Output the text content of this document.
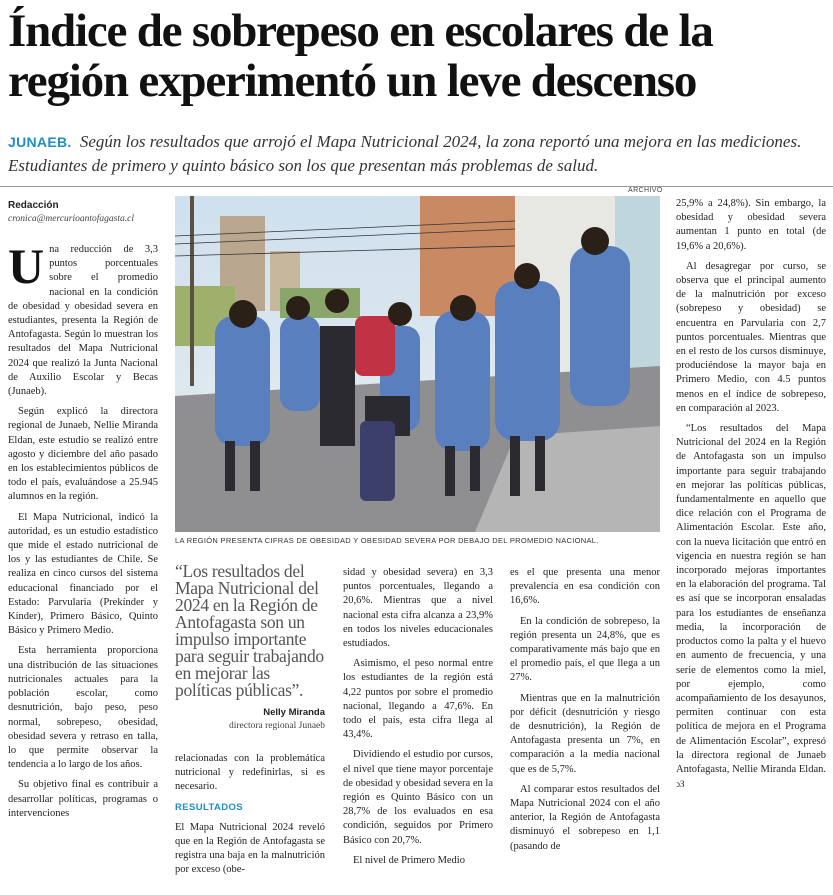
Índice de sobrepeso en escolares de la región experimentó un leve descenso
JUNAEB. Según los resultados que arrojó el Mapa Nutricional 2024, la zona reportó una mejora en las mediciones. Estudiantes de primero y quinto básico son los que presentan más problemas de salud.
ARCHIVO
Redacción
cronica@mercurioantofagasta.cl

Una reducción de 3,3 puntos porcentuales sobre el promedio nacional en la condición de obesidad y obesidad severa en estudiantes, presenta la Región de Antofagasta. Según lo muestran los resultados del Mapa Nutricional 2024 que realizó la Junta Nacional de Auxilio Escolar y Becas (Junaeb).

Según explicó la directora regional de Junaeb, Nellie Miranda Eldan, este estudio se realizó entre agosto y diciembre del año pasado en los establecimientos públicos de todo el país, evaluándose a 25.945 alumnos en la región.

El Mapa Nutricional, indicó la autoridad, es un estudio estadístico que mide el estado nutricional de los y las estudiantes de Chile. Se realiza en cinco cursos del sistema educacional financiado por el Estado: Parvularia (Prekínder y Kínder), Primero Básico, Quinto Básico y Primero Medio.

Esta herramienta proporciona una distribución de las situaciones nutricionales actuales para la población escolar, como desnutrición, bajo peso, peso normal, sobrepeso, obesidad, obesidad severa y retraso en talla, lo que permite observar la tendencia a lo largo de los años.

Su objetivo final es contribuir a desarrollar políticas, programas o intervenciones

LA REGIÓN PRESENTA CIFRAS DE OBESIDAD Y OBESIDAD SEVERA POR DEBAJO DEL PROMEDIO NACIONAL.
“Los resultados del Mapa Nutricional del 2024 en la Región de Antofagasta son un impulso importante para seguir trabajando en mejorar las políticas públicas”.
Nelly Miranda
directora regional Junaeb

relacionadas con la problemática nutricional y redefinirlas, si es necesario.

RESULTADOS

El Mapa Nutricional 2024 reveló que en la Región de Antofagasta se registra una baja en la malnutrición por exceso (obe-

sidad y obesidad severa) en 3,3 puntos porcentuales, llegando a 20,6%. Mientras que a nivel nacional esta cifra alcanza a 23,9% en todos los niveles educacionales estudiados.

Asimismo, el peso normal entre los estudiantes de la región está 4,22 puntos por sobre el promedio nacional, llegando a 47,6%. En todo el país, esta cifra llega al 43,4%.

Dividiendo el estudio por cursos, el nivel que tiene mayor porcentaje de obesidad y obesidad severa en la región es Quinto Básico con un 28,7% de los evaluados en esa condición, seguidos por Primero Básico con 20,7%.

El nivel de Primero Medio

es el que presenta una menor prevalencia en esa condición con 16,6%.

En la condición de sobrepeso, la región presenta un 24,8%, que es comparativamente más bajo que en el promedio país, el que llega a un 27%.

Mientras que en la malnutrición por déficit (desnutrición y riesgo de desnutrición), la Región de Antofagasta presenta un 7%, en comparación a la media nacional que es de 5,7%.

Al comparar estos resultados del Mapa Nutricional 2024 con el año anterior, la Región de Antofagasta disminuyó el sobrepeso en 1,1 (pasando de

25,9% a 24,8%). Sin embargo, la obesidad y obesidad severa aumentan 1 punto en total (de 19,6% a 20,6%).

Al desagregar por curso, se observa que el principal aumento de la malnutrición por exceso (sobrepeso y obesidad) se encuentra en Parvularia con 2,7 puntos porcentuales. Mientras que en el resto de los cursos disminuye, produciéndose la mayor baja en Primero Medio, con 4.5 puntos menos en el índice de sobrepeso, en comparación al 2023.

“Los resultados del Mapa Nutricional del 2024 en la Región de Antofagasta son un impulso importante para seguir trabajando en mejorar las políticas públicas, fundamentalmente en aquello que dice relación con el Programa de Alimentación Escolar. Este año, con la nueva licitación que entró en vigencia en nuestra región se han incorporado mejoras importantes en la elaboración del programa. Tal es así que se incorporan ensaladas para los estudiantes de enseñanza media, la incorporación de productos como la palta y el huevo en aumento de frecuencia, y una serie de elementos como la miel, por ejemplo, como acompañamiento de los desayunos, permiten continuar con esta política de mejora en el Programa de Alimentación Escolar”, expresó la directora regional de Junaeb Antofagasta, Nellie Miranda Eldan. ↄЗ
